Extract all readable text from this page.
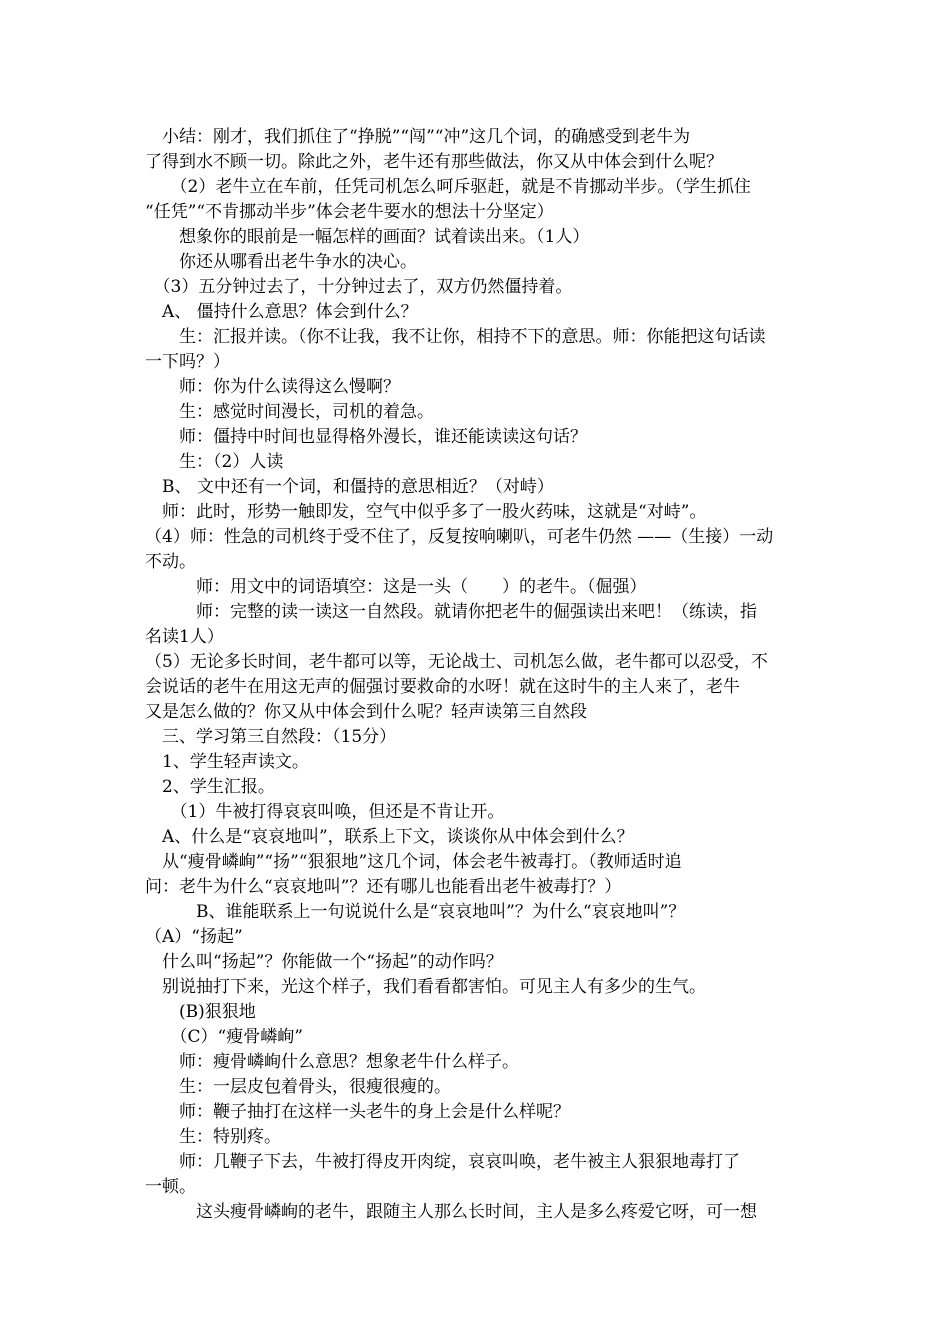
　小结：刚才，我们抓住了“挣脱”“闯”“冲”这几个词，的确感受到老牛为
了得到水不顾一切。除此之外，老牛还有那些做法，你又从中体会到什么呢？
　　（2）老牛立在车前，任凭司机怎么呵斥驱赶，就是不肯挪动半步。（学生抓住
“任凭”“不肯挪动半步”体会老牛要水的想法十分坚定）
　　想象你的眼前是一幅怎样的画面？试着读出来。（1人）
　　你还从哪看出老牛争水的决心。
　（3）五分钟过去了，十分钟过去了，双方仍然僵持着。
　A、 僵持什么意思？体会到什么？
　　生：汇报并读。（你不让我，我不让你，相持不下的意思。师：你能把这句话读
一下吗？）
　　师：你为什么读得这么慢啊？
　　生：感觉时间漫长，司机的着急。
　　师：僵持中时间也显得格外漫长，谁还能读读这句话？
　　生：（2）人读
　B、 文中还有一个词，和僵持的意思相近？（对峙）
　师：此时，形势一触即发，空气中似乎多了一股火药味，这就是“对峙”。
（4）师：性急的司机终于受不住了，反复按响喇叭，可老牛仍然 ——（生接）一动
不动。
　　　师：用文中的词语填空：这是一头（　　）的老牛。（倔强）
　　　师：完整的读一读这一自然段。就请你把老牛的倔强读出来吧！（练读，指
名读1人）
（5）无论多长时间，老牛都可以等，无论战士、司机怎么做，老牛都可以忍受，不
会说话的老牛在用这无声的倔强讨要救命的水呀！就在这时牛的主人来了，老牛
又是怎么做的？你又从中体会到什么呢？轻声读第三自然段
　三、学习第三自然段：（15分）
　1、学生轻声读文。
　2、学生汇报。
　　（1）牛被打得哀哀叫唤，但还是不肯让开。
　A、什么是“哀哀地叫”，联系上下文，谈谈你从中体会到什么？
　从“瘦骨嶙峋”“扬”“狠狠地”这几个词，体会老牛被毒打。（教师适时追
问：老牛为什么“哀哀地叫”？还有哪儿也能看出老牛被毒打？）
　　　B、谁能联系上一句说说什么是“哀哀地叫”？为什么“哀哀地叫”？
（A）“扬起”
　什么叫“扬起”？你能做一个“扬起”的动作吗？
　别说抽打下来，光这个样子，我们看看都害怕。可见主人有多少的生气。
　　(B)狠狠地
　　（C）“瘦骨嶙峋”
　　师：瘦骨嶙峋什么意思？想象老牛什么样子。
　　生：一层皮包着骨头，很瘦很瘦的。
　　师：鞭子抽打在这样一头老牛的身上会是什么样呢？
　　生：特别疼。
　　师：几鞭子下去，牛被打得皮开肉绽，哀哀叫唤，老牛被主人狠狠地毒打了
一顿。
　　　这头瘦骨嶙峋的老牛，跟随主人那么长时间，主人是多么疼爱它呀，可一想
